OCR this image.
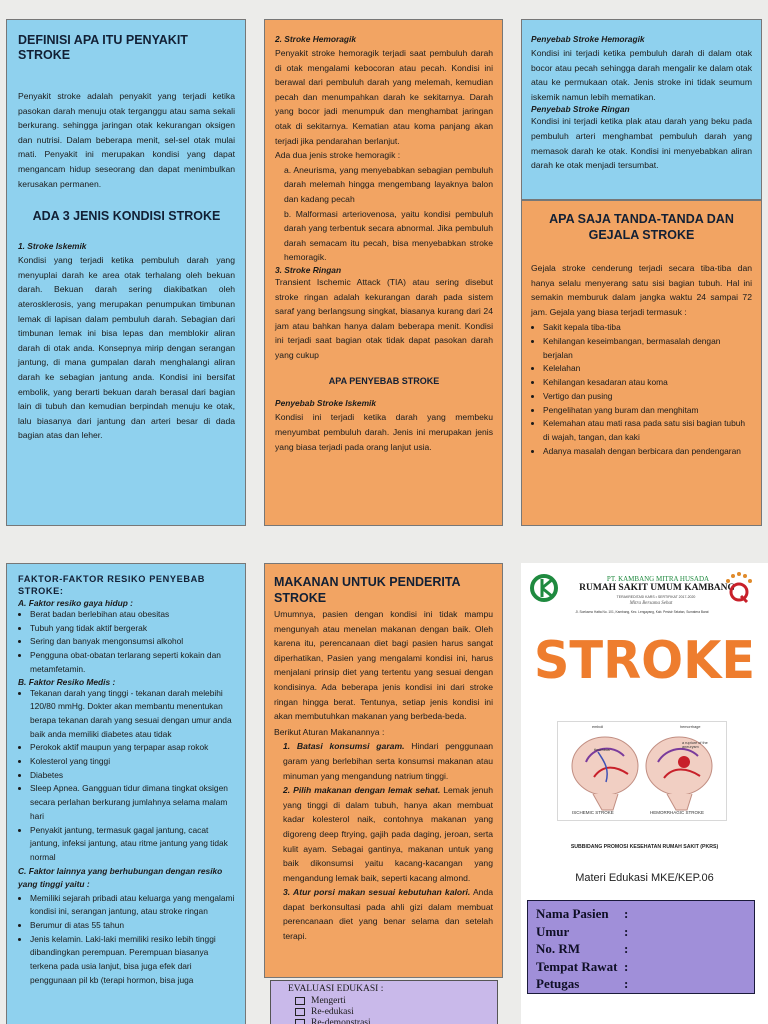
DEFINISI APA ITU PENYAKIT STROKE

Penyakit stroke adalah penyakit yang terjadi ketika pasokan darah menuju otak terganggu atau sama sekali berkurang. sehingga jaringan otak kekurangan oksigen dan nutrisi. Dalam beberapa menit, sel-sel otak mulai mati. Penyakit ini merupakan kondisi yang dapat mengancam hidup seseorang dan dapat menimbulkan kerusakan permanen.

ADA 3 JENIS KONDISI STROKE

1. Stroke Iskemik

Kondisi yang terjadi ketika pembuluh darah yang menyuplai darah ke area otak terhalang oleh bekuan darah. Bekuan darah sering diakibatkan oleh aterosklerosis, yang merupakan penumpukan timbunan lemak di lapisan dalam pembuluh darah. Sebagian dari timbunan lemak ini bisa lepas dan memblokir aliran darah di otak anda. Konsepnya mirip dengan serangan jantung, di mana gumpalan darah menghalangi aliran darah ke sebagian jantung anda. Kondisi ini bersifat embolik, yang berarti bekuan darah berasal dari bagian lain di tubuh dan kemudian berpindah menuju ke otak, lalu biasanya dari jantung dan arteri besar di dada bagian atas dan leher.

2. Stroke Hemoragik

Penyakit stroke hemoragik terjadi saat pembuluh darah di otak mengalami kebocoran atau pecah. Kondisi ini berawal dari pembuluh darah yang melemah, kemudian pecah dan menumpahkan darah ke sekitarnya. Darah yang bocor jadi menumpuk dan menghambat jaringan otak di sekitarnya. Kematian atau koma panjang akan terjadi jika pendarahan berlanjut.

Ada dua jenis stroke hemoragik :

a. Aneurisma, yang menyebabkan sebagian pembuluh darah melemah hingga mengembang layaknya balon dan kadang pecah

b. Malformasi arteriovenosa, yaitu kondisi pembuluh darah yang terbentuk secara abnormal. Jika pembuluh darah semacam itu pecah, bisa menyebabkan stroke hemoragik.

3. Stroke Ringan

Transient Ischemic Attack (TIA) atau sering disebut stroke ringan adalah kekurangan darah pada sistem saraf yang berlangsung singkat, biasanya kurang dari 24 jam atau bahkan hanya dalam beberapa menit. Kondisi ini terjadi saat bagian otak tidak dapat pasokan darah yang cukup

APA PENYEBAB STROKE

Penyebab Stroke Iskemik

Kondisi ini terjadi ketika darah yang membeku menyumbat pembuluh darah. Jenis ini merupakan jenis yang biasa terjadi pada orang lanjut usia.

Penyebab Stroke Hemoragik

Kondisi ini terjadi ketika pembuluh darah di dalam otak bocor atau pecah sehingga darah mengalir ke dalam otak atau ke permukaan otak. Jenis stroke ini tidak seumum iskemik namun lebih mematikan.

Penyebab Stroke Ringan

Kondisi ini terjadi ketika plak atau darah yang beku pada pembuluh arteri menghambat pembuluh darah yang memasok darah ke otak. Kondisi ini menyebabkan aliran darah ke otak menjadi tersumbat.

APA SAJA TANDA-TANDA DAN GEJALA STROKE

Gejala stroke cenderung terjadi secara tiba-tiba dan hanya selalu menyerang satu sisi bagian tubuh. Hal ini semakin memburuk dalam jangka waktu 24 sampai 72 jam. Gejala yang biasa terjadi termasuk :

• Sakit kepala tiba-tiba
• Kehilangan keseimbangan, bermasalah dengan berjalan
• Kelelahan
• Kehilangan kesadaran atau koma
• Vertigo dan pusing
• Pengelihatan yang buram dan menghitam
• Kelemahan atau mati rasa pada satu sisi bagian tubuh di wajah, tangan, dan kaki
• Adanya masalah dengan berbicara dan pendengaran
FAKTOR-FAKTOR RESIKO PENYEBAB STROKE:

A. Faktor resiko gaya hidup :

• Berat badan berlebihan atau obesitas
• Tubuh yang tidak aktif bergerak
• Sering dan banyak mengonsumsi alkohol
• Pengguna obat-obatan terlarang seperti kokain dan metamfetamin.

B. Faktor Resiko Medis :

• Tekanan darah yang tinggi - tekanan darah melebihi 120/80 mmHg. Dokter akan membantu menentukan berapa tekanan darah yang sesuai dengan umur anda baik anda memiliki diabetes atau tidak
• Perokok aktif maupun yang terpapar asap rokok
• Kolesterol yang tinggi
• Diabetes
• Sleep Apnea. Gangguan tidur dimana tingkat oksigen secara perlahan berkurang jumlahnya selama malam hari
• Penyakit jantung, termasuk gagal jantung, cacat jantung, infeksi jantung, atau ritme jantung yang tidak normal

C. Faktor lainnya yang berhubungan dengan resiko yang tinggi yaitu :

• Memiliki sejarah pribadi atau keluarga yang mengalami kondisi ini, serangan jantung, atau stroke ringan
• Berumur di atas 55 tahun
• Jenis kelamin. Laki-laki memiliki resiko lebih tinggi dibandingkan perempuan. Perempuan biasanya terkena pada usia lanjut, bisa juga efek dari penggunaan pil kb (terapi hormon, bisa juga
MAKANAN UNTUK PENDERITA STROKE

Umumnya, pasien dengan kondisi ini tidak mampu mengunyah atau menelan makanan dengan baik. Oleh karena itu, perencanaan diet bagi pasien harus sangat diperhatikan, Pasien yang mengalami kondisi ini, harus menjalani prinsip diet yang tertentu yang sesuai dengan kondisinya. Ada beberapa jenis kondisi ini dari stroke ringan hingga berat. Tentunya, setiap jenis kondisi ini akan membutuhkan makanan yang berbeda-beda.

Berikut Aturan Makanannya :

1. Batasi konsumsi garam. Hindari penggunaan garam yang berlebihan serta konsumsi makanan atau minuman yang mengandung natrium tinggi.

2. Pilih makanan dengan lemak sehat. Lemak jenuh yang tinggi di dalam tubuh, hanya akan membuat kadar kolesterol naik, contohnya makanan yang digoreng deep ftrying, gajih pada daging, jeroan, serta kulit ayam. Sebagai gantinya, makanan untuk yang baik dikonsumsi yaitu kacang-kacangan yang mengandung lemak baik, seperti kacang almond.

3. Atur porsi makan sesuai kebutuhan kalori. Anda dapat berkonsultasi pada ahli gizi dalam membuat perencanaan diet yang benar selama dan setelah terapi.

EVALUASI EDUKASI :
Mengerti
Re-edukasi
Re-demonstrasi
PT. KAMBANG MITRA HUSADA
RUMAH SAKIT UMUM KAMBANG
TERAKREDITASI KARS • SERTIFIKAT 2017-2020
Jl. Soekarno Hatta No. 101, Kambang, Kec. Lengayang, Kab. Pesisir Selatan, Sumatera Barat
Mitra Bersama Sehat
STROKE
emboli
thrombus
hemorrhage
a rupture of the aneurysm
ISCHEMIC STROKE	HEMORRHAGIC STROKE
SUBBIDANG PROMOSI KESEHATAN RUMAH SAKIT (PKRS)
Materi Edukasi MKE/KEP.06
Nama Pasien	:
Umur	:
No. RM	:
Tempat Rawat :
Petugas	:
